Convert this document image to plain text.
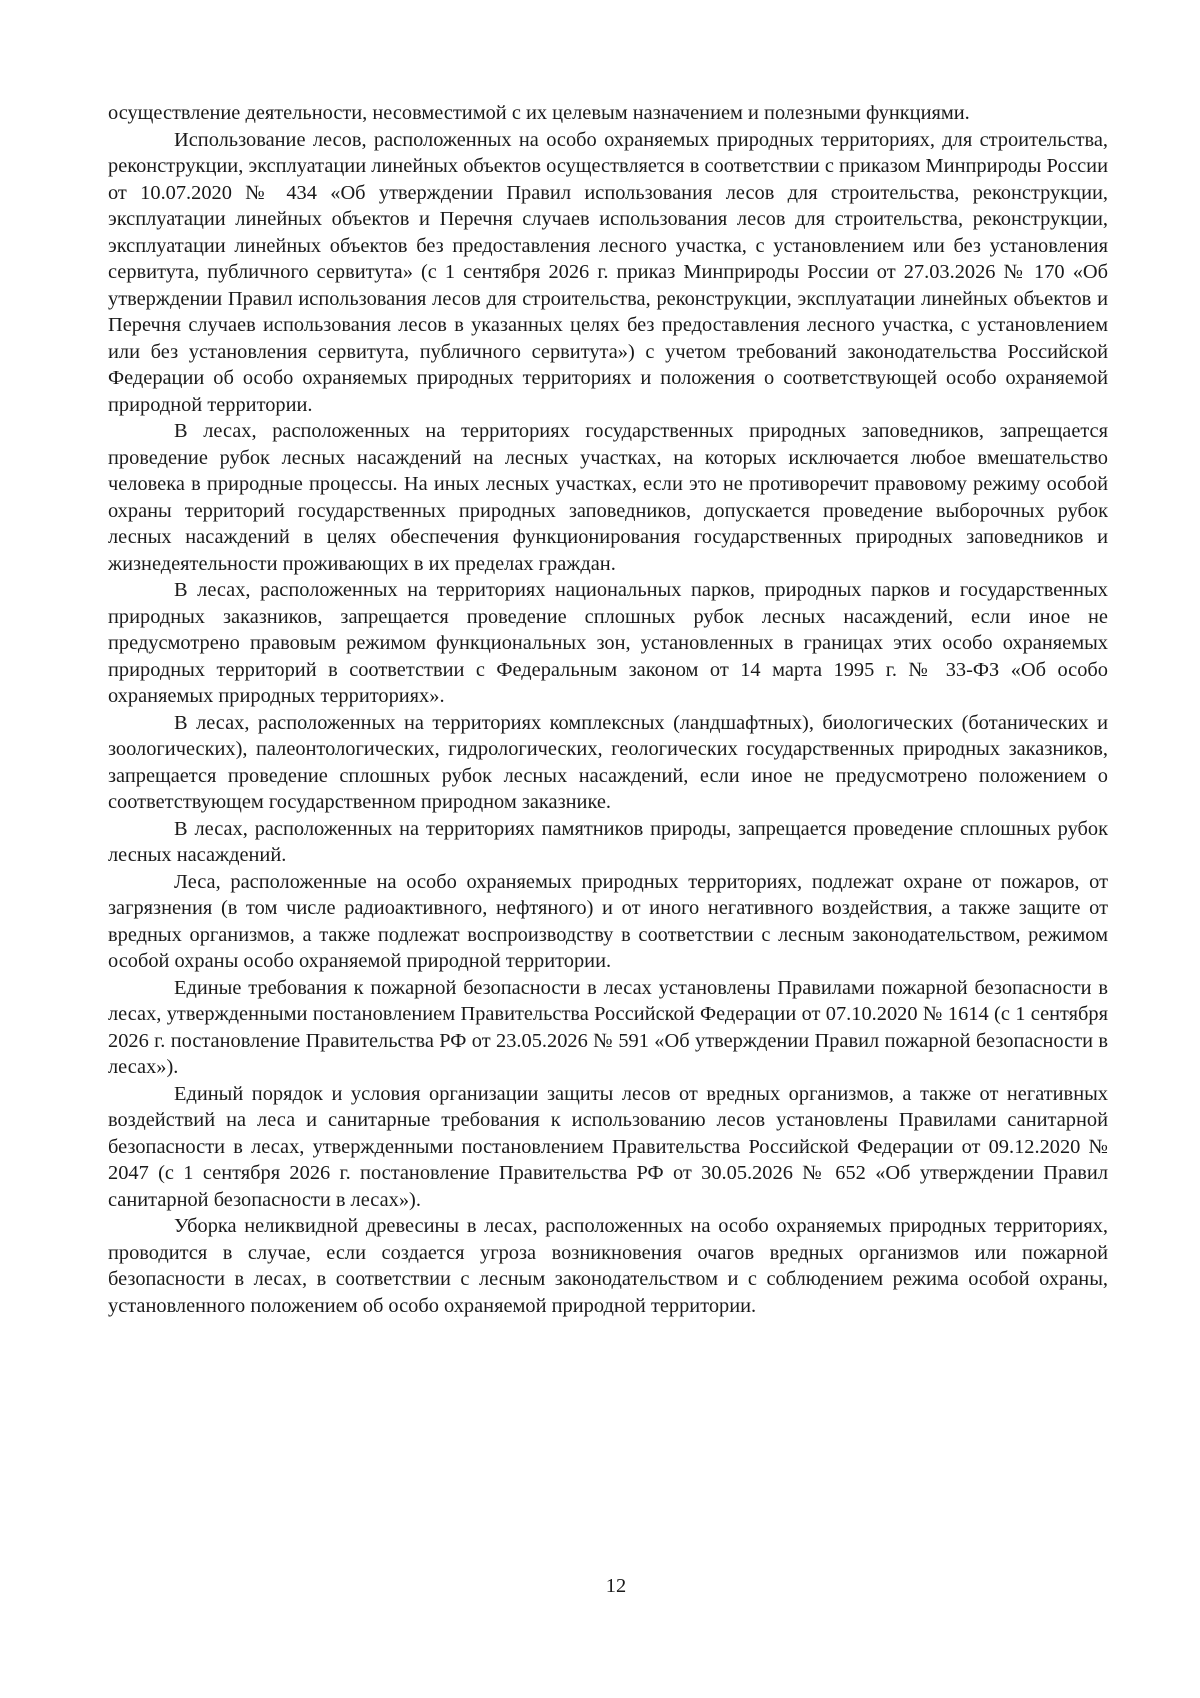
осуществление деятельности, несовместимой с их целевым назначением и полезными функциями.

Использование лесов, расположенных на особо охраняемых природных территориях, для строительства, реконструкции, эксплуатации линейных объектов осуществляется в соответствии с приказом Минприроды России от 10.07.2020 № 434 «Об утверждении Правил использования лесов для строительства, реконструкции, эксплуатации линейных объектов и Перечня случаев использования лесов для строительства, реконструкции, эксплуатации линейных объектов без предоставления лесного участка, с установлением или без установления сервитута, публичного сервитута» (с 1 сентября 2026 г. приказ Минприроды России от 27.03.2026 № 170 «Об утверждении Правил использования лесов для строительства, реконструкции, эксплуатации линейных объектов и Перечня случаев использования лесов в указанных целях без предоставления лесного участка, с установлением или без установления сервитута, публичного сервитута») с учетом требований законодательства Российской Федерации об особо охраняемых природных территориях и положения о соответствующей особо охраняемой природной территории.

В лесах, расположенных на территориях государственных природных заповедников, запрещается проведение рубок лесных насаждений на лесных участках, на которых исключается любое вмешательство человека в природные процессы. На иных лесных участках, если это не противоречит правовому режиму особой охраны территорий государственных природных заповедников, допускается проведение выборочных рубок лесных насаждений в целях обеспечения функционирования государственных природных заповедников и жизнедеятельности проживающих в их пределах граждан.

В лесах, расположенных на территориях национальных парков, природных парков и государственных природных заказников, запрещается проведение сплошных рубок лесных насаждений, если иное не предусмотрено правовым режимом функциональных зон, установленных в границах этих особо охраняемых природных территорий в соответствии с Федеральным законом от 14 марта 1995 г. № 33-ФЗ «Об особо охраняемых природных территориях».

В лесах, расположенных на территориях комплексных (ландшафтных), биологических (ботанических и зоологических), палеонтологических, гидрологических, геологических государственных природных заказников, запрещается проведение сплошных рубок лесных насаждений, если иное не предусмотрено положением о соответствующем государственном природном заказнике.

В лесах, расположенных на территориях памятников природы, запрещается проведение сплошных рубок лесных насаждений.

Леса, расположенные на особо охраняемых природных территориях, подлежат охране от пожаров, от загрязнения (в том числе радиоактивного, нефтяного) и от иного негативного воздействия, а также защите от вредных организмов, а также подлежат воспроизводству в соответствии с лесным законодательством, режимом особой охраны особо охраняемой природной территории.

Единые требования к пожарной безопасности в лесах установлены Правилами пожарной безопасности в лесах, утвержденными постановлением Правительства Российской Федерации от 07.10.2020 № 1614 (с 1 сентября 2026 г. постановление Правительства РФ от 23.05.2026 № 591 «Об утверждении Правил пожарной безопасности в лесах»).

Единый порядок и условия организации защиты лесов от вредных организмов, а также от негативных воздействий на леса и санитарные требования к использованию лесов установлены Правилами санитарной безопасности в лесах, утвержденными постановлением Правительства Российской Федерации от 09.12.2020 № 2047 (с 1 сентября 2026 г. постановление Правительства РФ от 30.05.2026 № 652 «Об утверждении Правил санитарной безопасности в лесах»).

Уборка неликвидной древесины в лесах, расположенных на особо охраняемых природных территориях, проводится в случае, если создается угроза возникновения очагов вредных организмов или пожарной безопасности в лесах, в соответствии с лесным законодательством и с соблюдением режима особой охраны, установленного положением об особо охраняемой природной территории.

12
